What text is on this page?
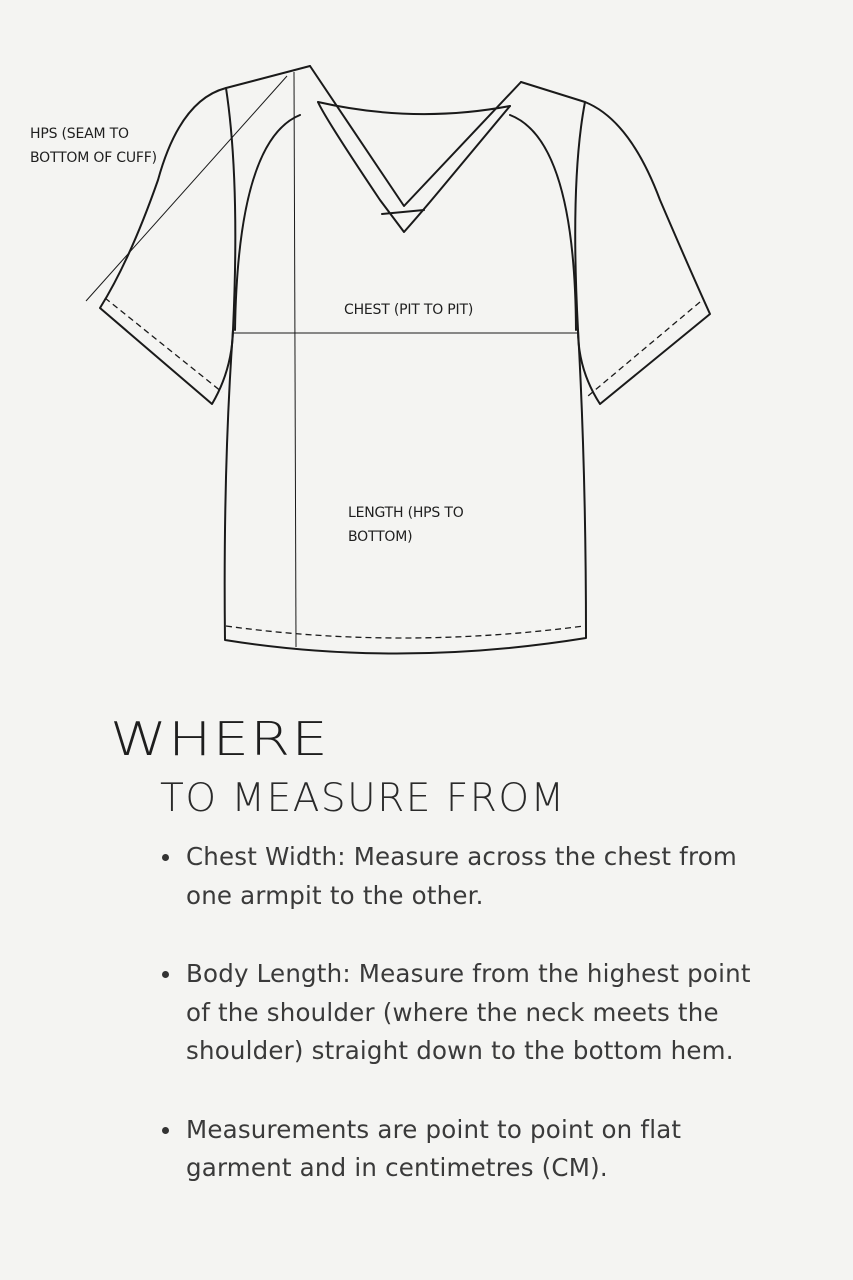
HPS (SEAM TO
BOTTOM OF CUFF)
CHEST (PIT TO PIT)
LENGTH (HPS TO
BOTTOM)
WHERE
TO MEASURE FROM
Chest Width: Measure across the chest from one armpit to the other.
Body Length: Measure from the highest point of the shoulder (where the neck meets the shoulder) straight down to the bottom hem.
Measurements are point to point on flat garment and in centimetres (CM).
